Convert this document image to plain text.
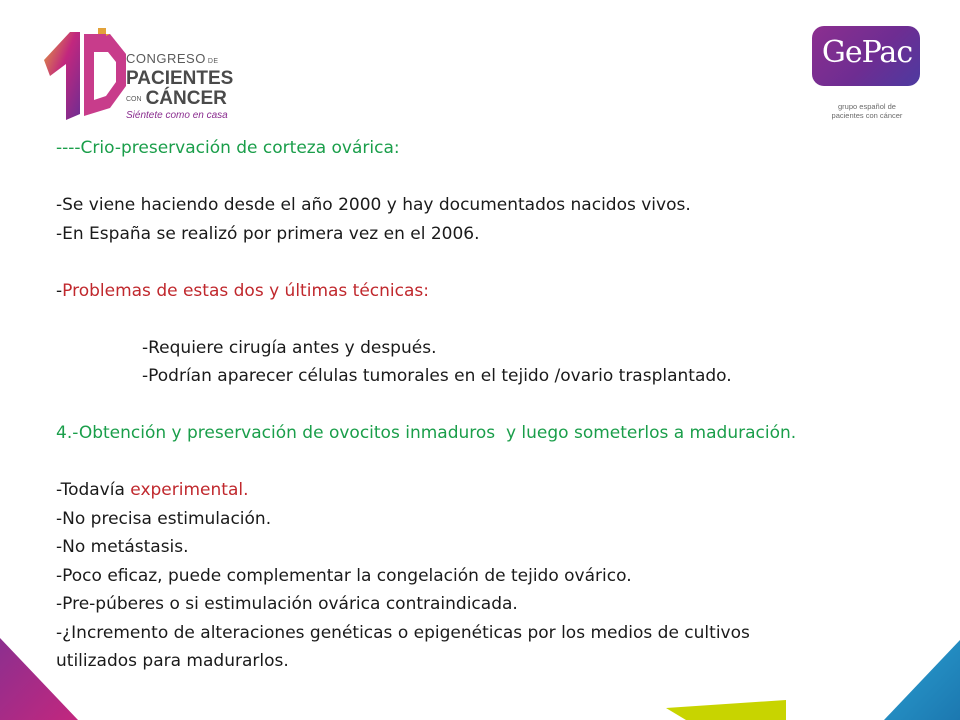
CONGRESO DE
PACIENTES
CON CÁNCER
Siéntete como en casa
GePac
grupo español de
pacientes con cáncer

----Crio-preservación de corteza ovárica:

-Se viene haciendo desde el año 2000 y hay documentados nacidos vivos.

-En España se realizó por primera vez en el 2006.

-Problemas de estas dos y últimas técnicas:

-Requiere cirugía antes y después.

-Podrían aparecer células tumorales en el tejido /ovario trasplantado.

4.-Obtención y preservación de ovocitos inmaduros  y luego someterlos a maduración.

-Todavía experimental.

-No precisa estimulación.

-No metástasis.

-Poco eficaz, puede complementar la congelación de tejido ovárico.

-Pre-púberes o si estimulación ovárica contraindicada.

-¿Incremento de alteraciones genéticas o epigenéticas por los medios de cultivos

utilizados para madurarlos.
